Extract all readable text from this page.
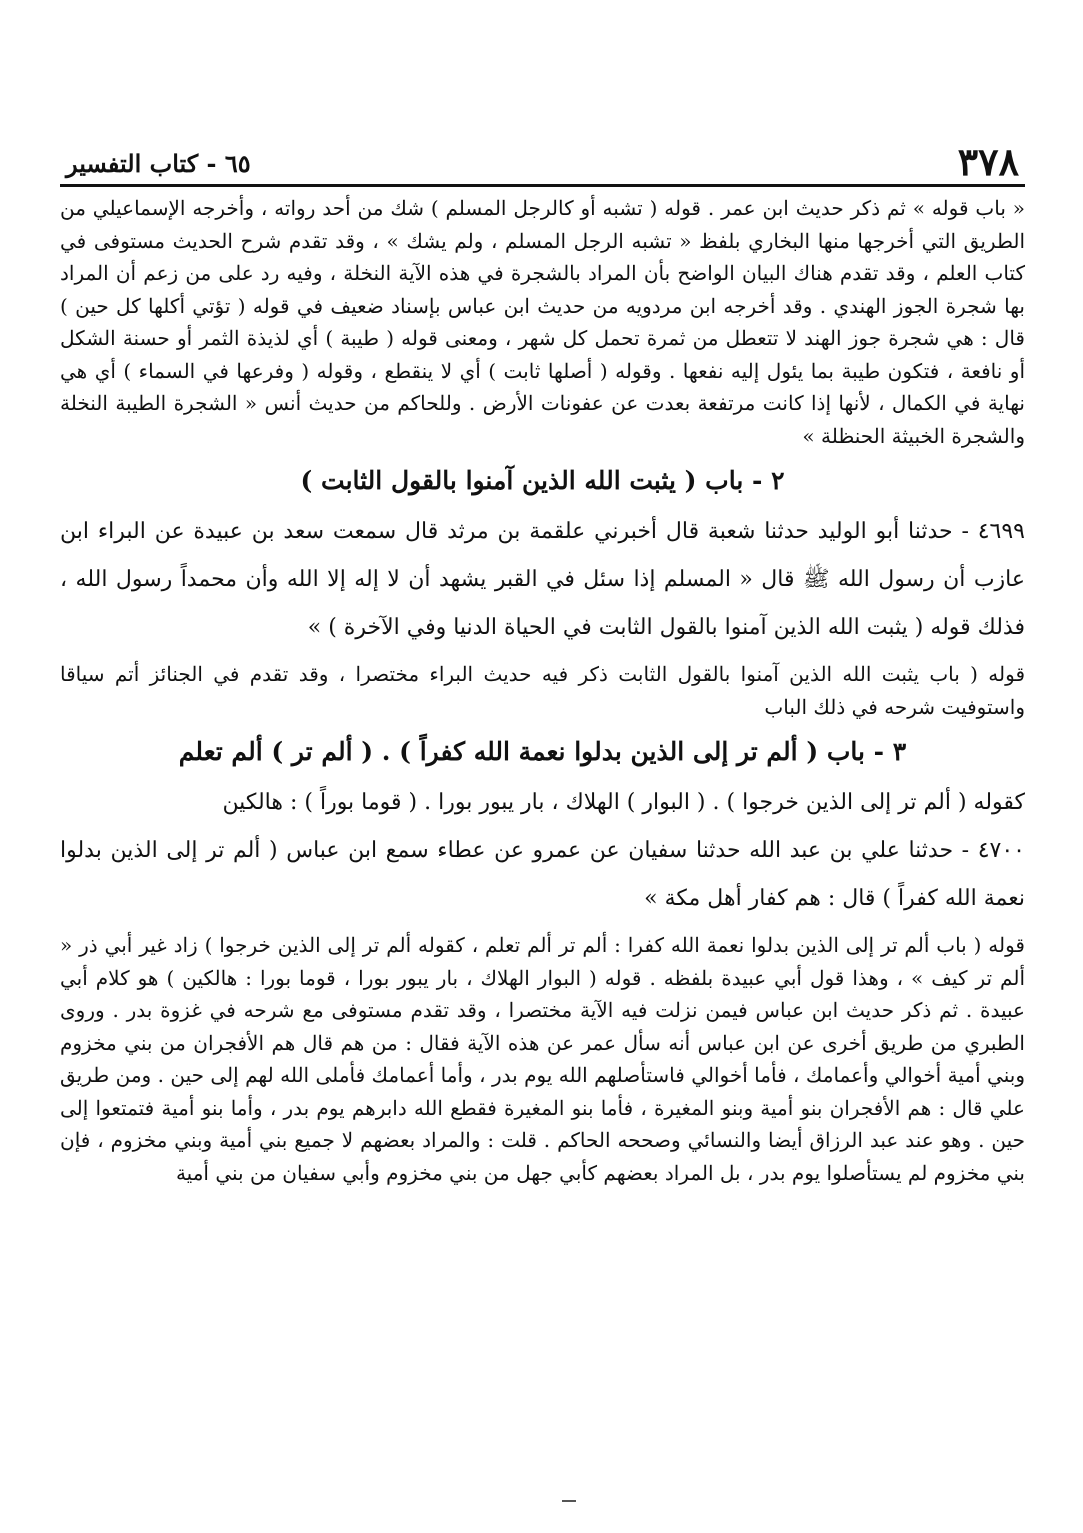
٣٧٨
٦٥ - كتاب التفسير

« باب قوله » ثم ذكر حديث ابن عمر . قوله ( تشبه أو كالرجل المسلم ) شك من أحد رواته ، وأخرجه الإسماعيلي من الطريق التي أخرجها منها البخاري بلفظ « تشبه الرجل المسلم ، ولم يشك » ، وقد تقدم شرح الحديث مستوفى في كتاب العلم ، وقد تقدم هناك البيان الواضح بأن المراد بالشجرة في هذه الآية النخلة ، وفيه رد على من زعم أن المراد بها شجرة الجوز الهندي . وقد أخرجه ابن مردويه من حديث ابن عباس بإسناد ضعيف في قوله ( تؤتي أكلها كل حين ) قال : هي شجرة جوز الهند لا تتعطل من ثمرة تحمل كل شهر ، ومعنى قوله ( طيبة ) أي لذيذة الثمر أو حسنة الشكل أو نافعة ، فتكون طيبة بما يئول إليه نفعها . وقوله ( أصلها ثابت ) أي لا ينقطع ، وقوله ( وفرعها في السماء ) أي هي نهاية في الكمال ، لأنها إذا كانت مرتفعة بعدت عن عفونات الأرض . وللحاكم من حديث أنس « الشجرة الطيبة النخلة والشجرة الخبيثة الحنظلة »

٢ - باب ( يثبت الله الذين آمنوا بالقول الثابت )

٤٦٩٩ - حدثنا أبو الوليد حدثنا شعبة قال أخبرني علقمة بن مرثد قال سمعت سعد بن عبيدة عن البراء ابن عازب أن رسول الله ﷺ قال « المسلم إذا سئل في القبر يشهد أن لا إله إلا الله وأن محمداً رسول الله ، فذلك قوله ( يثبت الله الذين آمنوا بالقول الثابت في الحياة الدنيا وفي الآخرة ) »

قوله ( باب يثبت الله الذين آمنوا بالقول الثابت ذكر فيه حديث البراء مختصرا ، وقد تقدم في الجنائز أتم سياقا واستوفيت شرحه في ذلك الباب

٣ - باب ( ألم تر إلى الذين بدلوا نعمة الله كفراً ) . ( ألم تر ) ألم تعلم

كقوله ( ألم تر إلى الذين خرجوا ) . ( البوار ) الهلاك ، بار يبور بورا . ( قوما بوراً ) : هالكين

٤٧٠٠ - حدثنا علي بن عبد الله حدثنا سفيان عن عمرو عن عطاء سمع ابن عباس ( ألم تر إلى الذين بدلوا نعمة الله كفراً ) قال : هم كفار أهل مكة »

قوله ( باب ألم تر إلى الذين بدلوا نعمة الله كفرا : ألم تر ألم تعلم ، كقوله ألم تر إلى الذين خرجوا ) زاد غير أبي ذر « ألم تر كيف » ، وهذا قول أبي عبيدة بلفظه . قوله ( البوار الهلاك ، بار يبور بورا ، قوما بورا : هالكين ) هو كلام أبي عبيدة . ثم ذكر حديث ابن عباس فيمن نزلت فيه الآية مختصرا ، وقد تقدم مستوفى مع شرحه في غزوة بدر . وروى الطبري من طريق أخرى عن ابن عباس أنه سأل عمر عن هذه الآية فقال : من هم قال هم الأفجران من بني مخزوم وبني أمية أخوالي وأعمامك ، فأما أخوالي فاستأصلهم الله يوم بدر ، وأما أعمامك فأملى الله لهم إلى حين . ومن طريق علي قال : هم الأفجران بنو أمية وبنو المغيرة ، فأما بنو المغيرة فقطع الله دابرهم يوم بدر ، وأما بنو أمية فتمتعوا إلى حين . وهو عند عبد الرزاق أيضا والنسائي وصححه الحاكم . قلت : والمراد بعضهم لا جميع بني أمية وبني مخزوم ، فإن بني مخزوم لم يستأصلوا يوم بدر ، بل المراد بعضهم كأبي جهل من بني مخزوم وأبي سفيان من بني أمية
